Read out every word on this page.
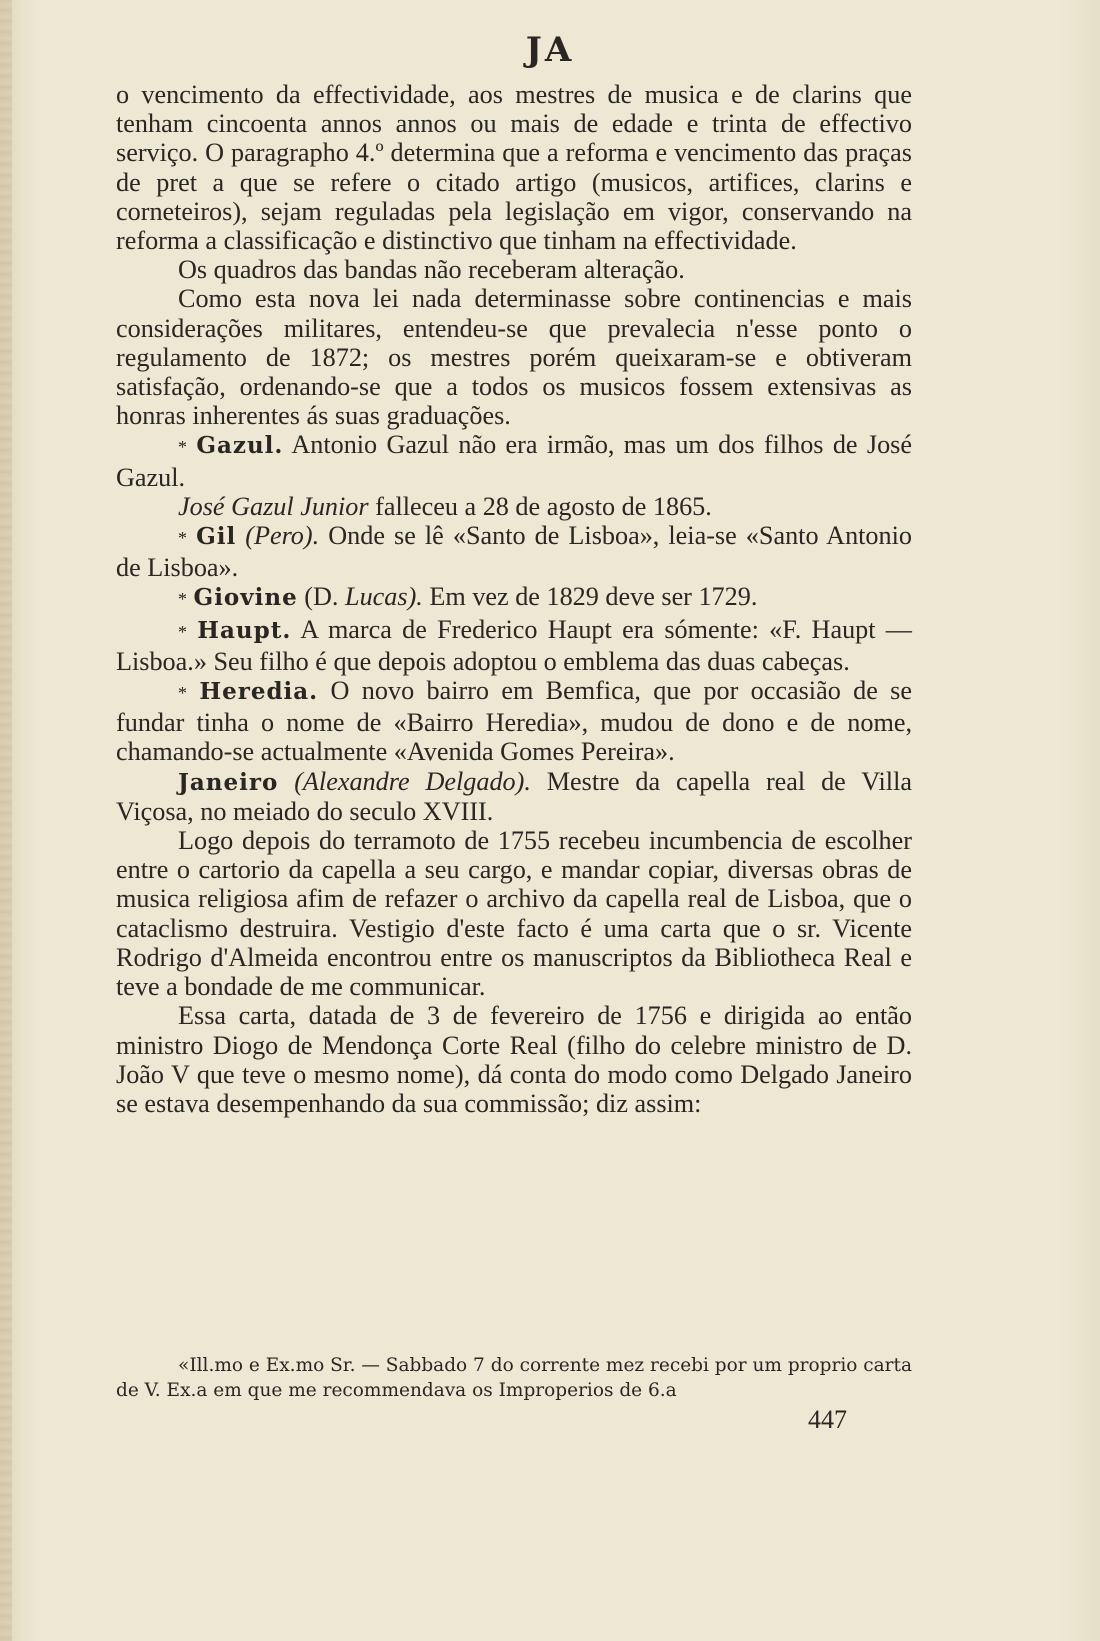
JA

o vencimento da effectividade, aos mestres de musica e de clarins que tenham cincoenta annos annos ou mais de edade e trinta de effectivo serviço. O paragrapho 4.º determina que a reforma e vencimento das praças de pret a que se refere o citado artigo (musicos, artifices, clarins e corneteiros), sejam reguladas pela legislação em vigor, conservando na reforma a classificação e distinctivo que tinham na effectividade.

Os quadros das bandas não receberam alteração.

Como esta nova lei nada determinasse sobre continencias e mais considerações militares, entendeu-se que prevalecia n'esse ponto o regulamento de 1872; os mestres porém queixaram-se e obtiveram satisfação, ordenando-se que a todos os musicos fossem extensivas as honras inherentes ás suas graduações.

* Gazul. Antonio Gazul não era irmão, mas um dos filhos de José Gazul.

José Gazul Junior falleceu a 28 de agosto de 1865.

* Gil (Pero). Onde se lê «Santo de Lisboa», leia-se «Santo Antonio de Lisboa».

* Giovine (D. Lucas). Em vez de 1829 deve ser 1729.

* Haupt. A marca de Frederico Haupt era sómente: «F. Haupt — Lisboa.» Seu filho é que depois adoptou o emblema das duas cabeças.

* Heredia. O novo bairro em Bemfica, que por occasião de se fundar tinha o nome de «Bairro Heredia», mudou de dono e de nome, chamando-se actualmente «Avenida Gomes Pereira».

Janeiro (Alexandre Delgado). Mestre da capella real de Villa Viçosa, no meiado do seculo XVIII.

Logo depois do terramoto de 1755 recebeu incumbencia de escolher entre o cartorio da capella a seu cargo, e mandar copiar, diversas obras de musica religiosa afim de refazer o archivo da capella real de Lisboa, que o cataclismo destruira. Vestigio d'este facto é uma carta que o sr. Vicente Rodrigo d'Almeida encontrou entre os manuscriptos da Bibliotheca Real e teve a bondade de me communicar.

Essa carta, datada de 3 de fevereiro de 1756 e dirigida ao então ministro Diogo de Mendonça Corte Real (filho do celebre ministro de D. João V que teve o mesmo nome), dá conta do modo como Delgado Janeiro se estava desempenhando da sua commissão; diz assim:

«Ill.mo e Ex.mo Sr. — Sabbado 7 do corrente mez recebi por um proprio carta de V. Ex.a em que me recommendava os Improperios de 6.a

447
